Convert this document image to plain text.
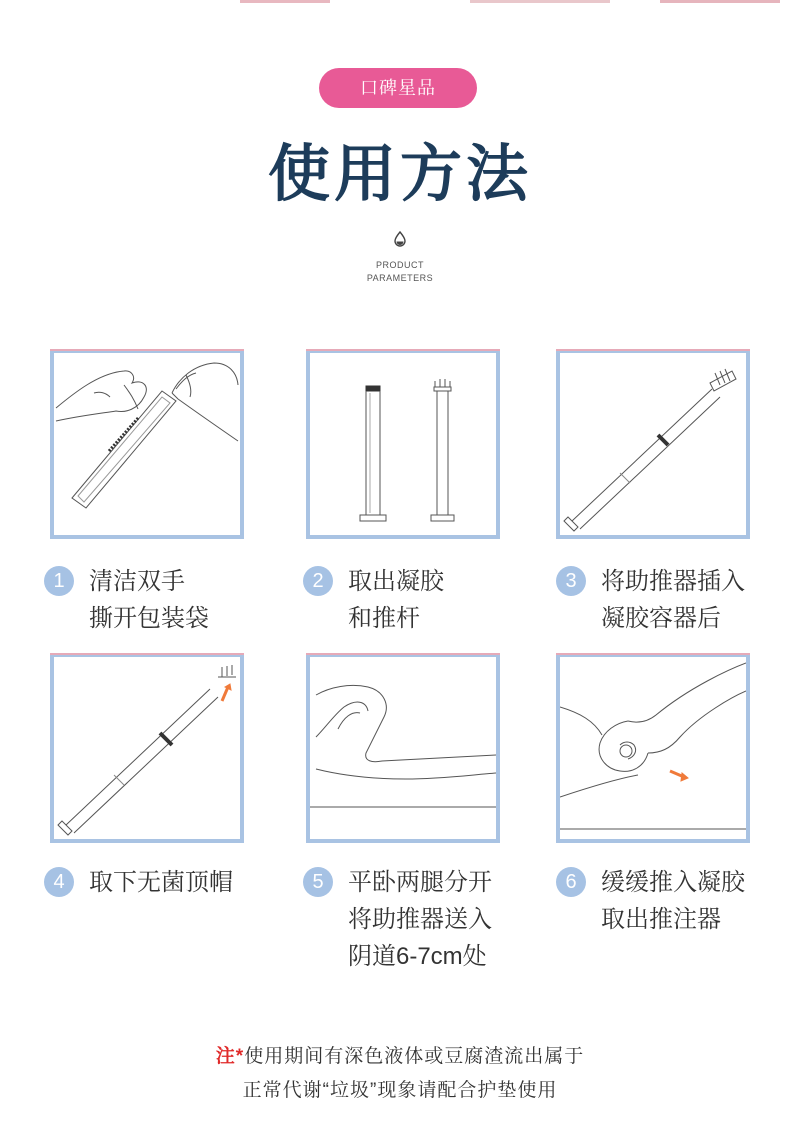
口碑星品
使用方法
PRODUCT
PARAMETERS
1	清洁双手
撕开包装袋
2	取出凝胶
和推杆
3	将助推器插入
凝胶容器后
4	取下无菌顶帽	5	平卧两腿分开
将助推器送入
阴道6-7cm处
6	缓缓推入凝胶
取出推注器
注*使用期间有深色液体或豆腐渣流出属于
正常代谢“垃圾”现象请配合护垫使用
